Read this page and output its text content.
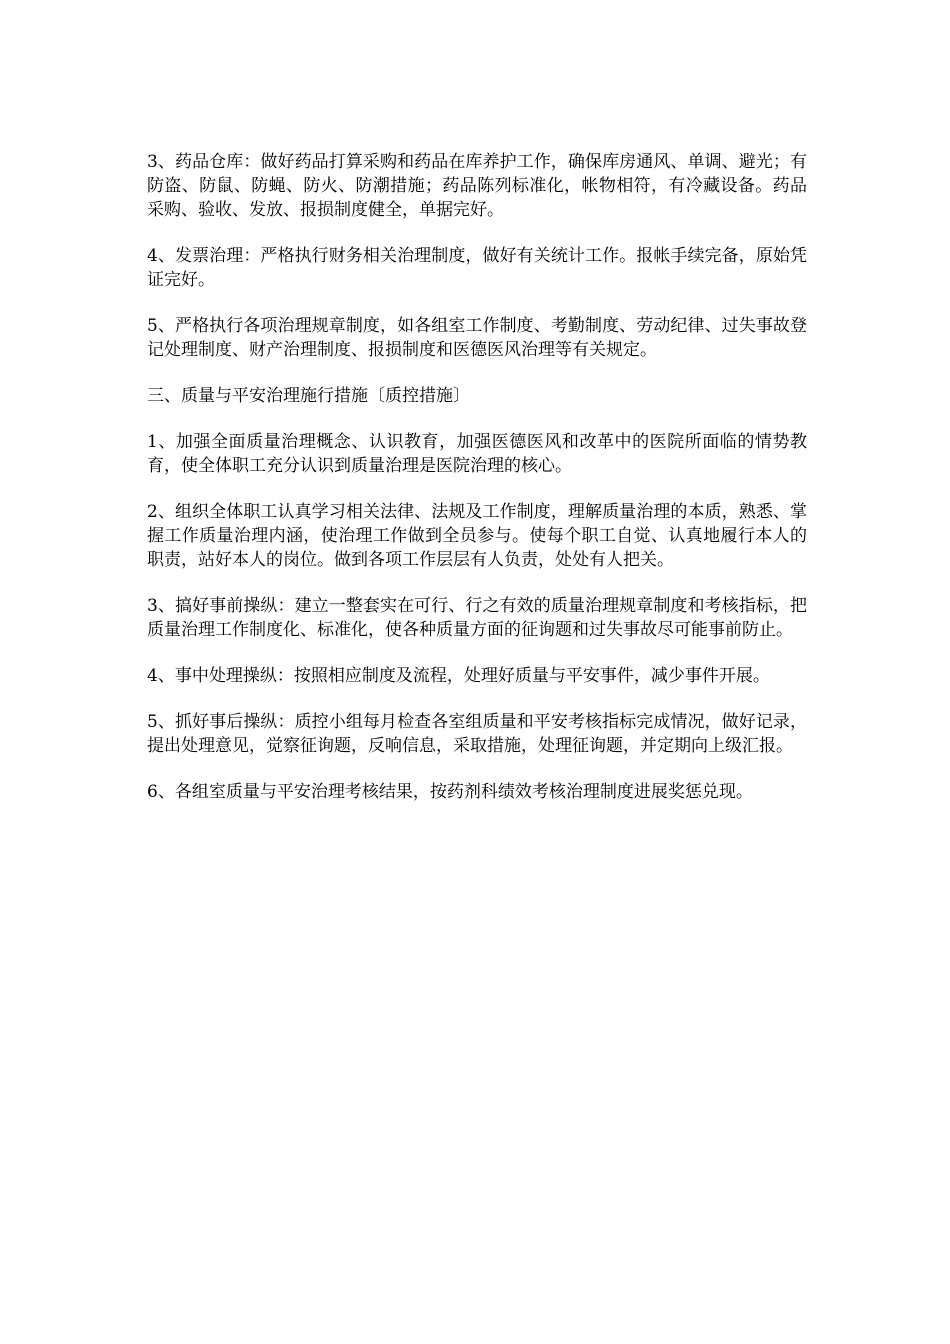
3、药品仓库：做好药品打算采购和药品在库养护工作，确保库房通风、单调、避光；有防盗、防鼠、防蝇、防火、防潮措施；药品陈列标准化，帐物相符，有冷藏设备。药品采购、验收、发放、报损制度健全，单据完好。

4、发票治理：严格执行财务相关治理制度，做好有关统计工作。报帐手续完备，原始凭证完好。

5、严格执行各项治理规章制度，如各组室工作制度、考勤制度、劳动纪律、过失事故登记处理制度、财产治理制度、报损制度和医德医风治理等有关规定。

三、质量与平安治理施行措施〔质控措施〕

1、加强全面质量治理概念、认识教育，加强医德医风和改革中的医院所面临的情势教育，使全体职工充分认识到质量治理是医院治理的核心。

2、组织全体职工认真学习相关法律、法规及工作制度，理解质量治理的本质，熟悉、掌握工作质量治理内涵，使治理工作做到全员参与。使每个职工自觉、认真地履行本人的职责，站好本人的岗位。做到各项工作层层有人负责，处处有人把关。

3、搞好事前操纵：建立一整套实在可行、行之有效的质量治理规章制度和考核指标，把质量治理工作制度化、标准化，使各种质量方面的征询题和过失事故尽可能事前防止。

4、事中处理操纵：按照相应制度及流程，处理好质量与平安事件，减少事件开展。

5、抓好事后操纵：质控小组每月检查各室组质量和平安考核指标完成情况，做好记录，提出处理意见，觉察征询题，反响信息，采取措施，处理征询题，并定期向上级汇报。

6、各组室质量与平安治理考核结果，按药剂科绩效考核治理制度进展奖惩兑现。
